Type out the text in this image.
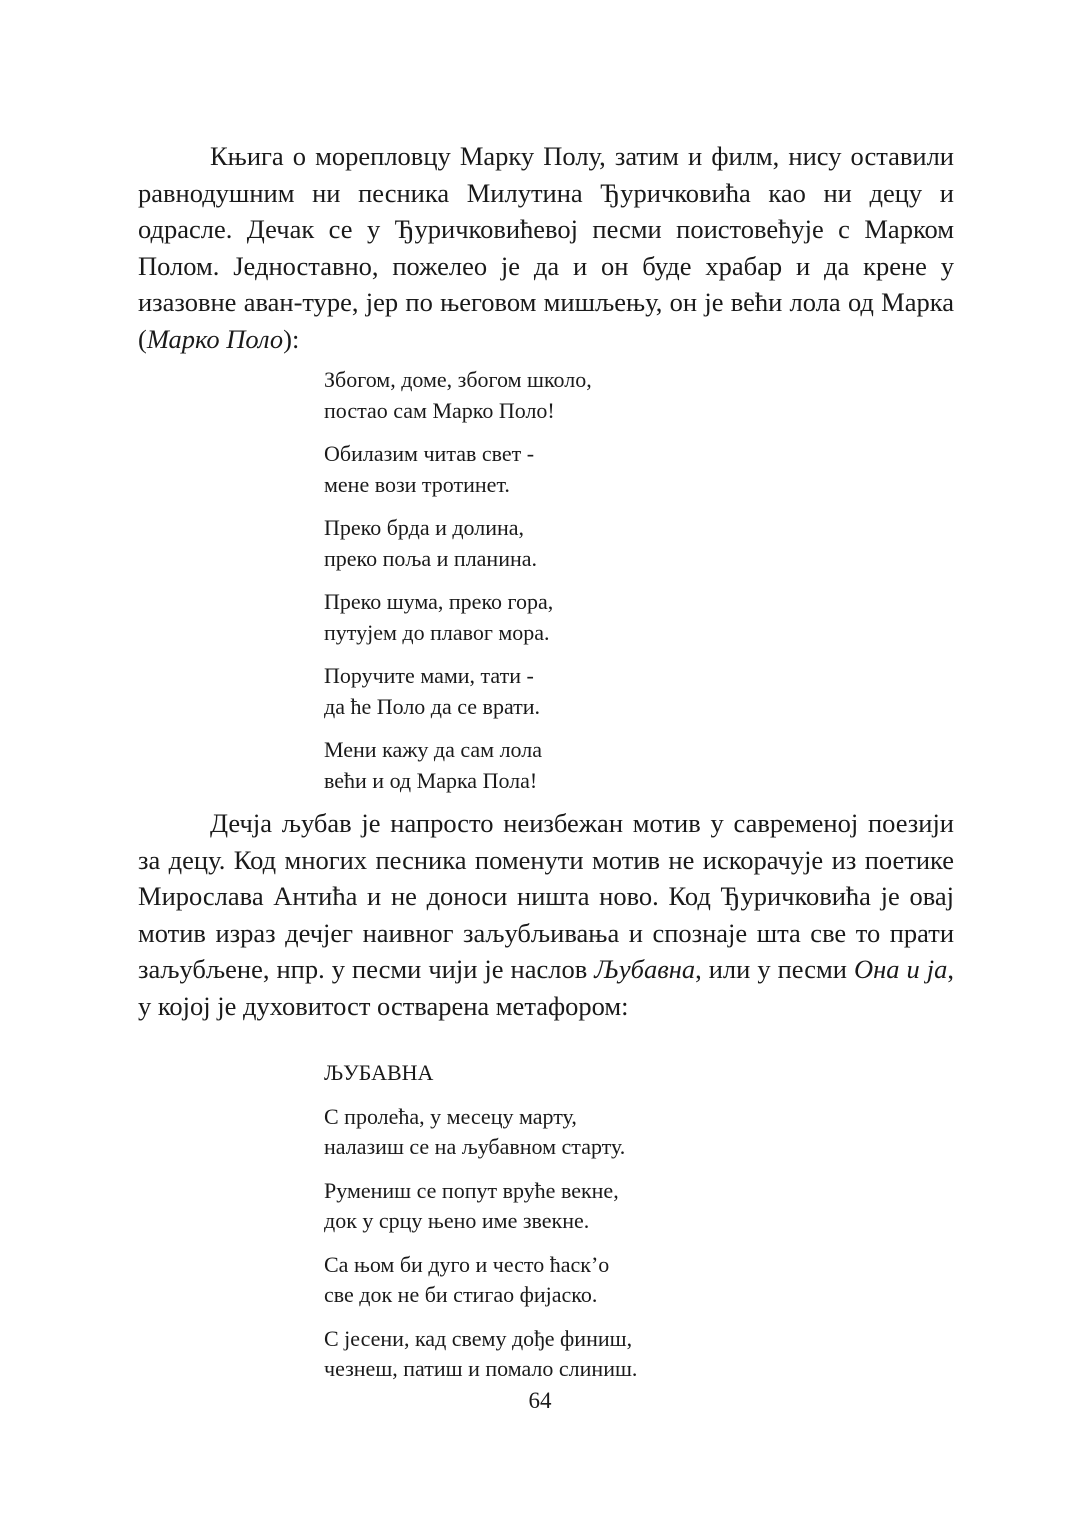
Књига о морепловцу Марку Полу, затим и филм, нису оставили равнодушним ни песника Милутина Ђуричковића као ни децу и одрасле. Дечак се у Ђуричковићевој песми поистовећује с Марком Полом. Једноставно, пожелео је да и он буде храбар и да крене у изазовне аван-туре, јер по његовом мишљењу, он је већи лола од Марка (Марко Поло):

Збогом, доме, збогом школо,
постао сам Марко Поло!

Обилазим читав свет -
мене вози тротинет.

Преко брда и долина,
преко поља и планина.

Преко шума, преко гора,
путујем до плавог мора.

Поручите мами, тати -
да ће Поло да се врати.

Мени кажу да сам лола
већи и од Марка Пола!

Дечја љубав је напросто неизбежан мотив у савременој поезији за децу. Код многих песника поменути мотив не искорачује из поетике Мирослава Антића и не доноси ништа ново. Код Ђуричковића је овај мотив израз дечјег наивног заљубљивања и спознаје шта све то прати заљубљене, нпр. у песми чији је наслов Љубавна, или у песми Она и ја, у којој је духовитост остварена метафором:

ЉУБАВНА

С пролећа, у месецу марту,
налазиш се на љубавном старту.

Румениш се попут вруће векне,
док у срцу њено име звекне.

Са њом би дуго и често ћаск’о
све док не би стигао фијаско.

С јесени, кад свему дође финиш,
чезнеш, патиш и помало слиниш.

64
